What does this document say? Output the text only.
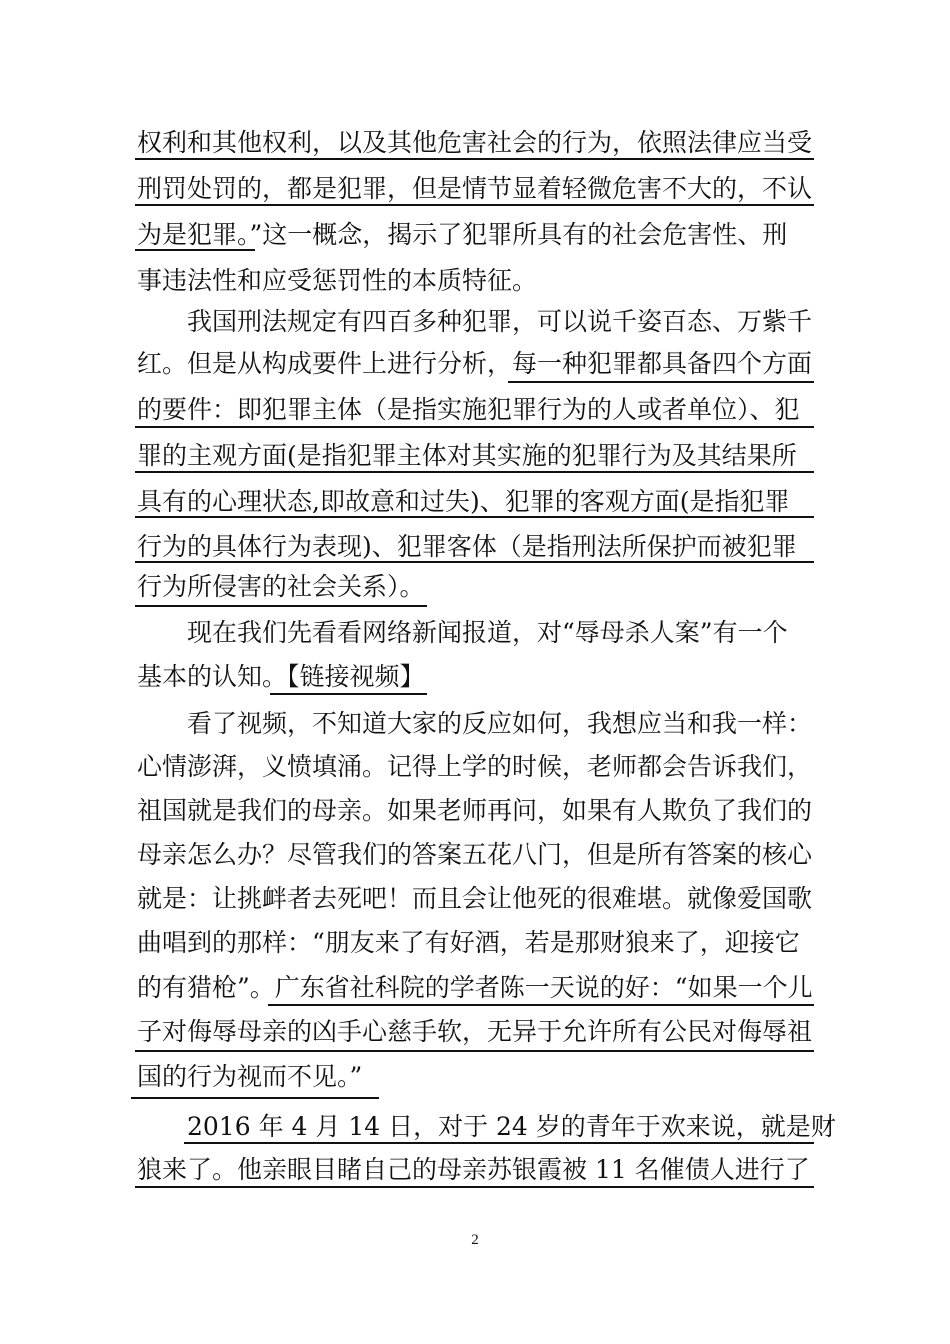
权利和其他权利，以及其他危害社会的行为，依照法律应当受
刑罚处罚的，都是犯罪，但是情节显着轻微危害不大的，不认
为是犯罪。”这一概念，揭示了犯罪所具有的社会危害性、刑
事违法性和应受惩罚性的本质特征。
我国刑法规定有四百多种犯罪，可以说千姿百态、万紫千
红。但是从构成要件上进行分析，每一种犯罪都具备四个方面
的要件：即犯罪主体（是指实施犯罪行为的人或者单位）、犯
罪的主观方面(是指犯罪主体对其实施的犯罪行为及其结果所
具有的心理状态,即故意和过失)、犯罪的客观方面(是指犯罪
行为的具体行为表现)、犯罪客体（是指刑法所保护而被犯罪
行为所侵害的社会关系）。
现在我们先看看网络新闻报道，对“辱母杀人案”有一个
基本的认知。【链接视频】
看了视频，不知道大家的反应如何，我想应当和我一样：
心情澎湃，义愤填涌。记得上学的时候，老师都会告诉我们，
祖国就是我们的母亲。如果老师再问，如果有人欺负了我们的
母亲怎么办？尽管我们的答案五花八门，但是所有答案的核心
就是：让挑衅者去死吧！而且会让他死的很难堪。就像爱国歌
曲唱到的那样：“朋友来了有好酒，若是那财狼来了，迎接它
的有猎枪”。广东省社科院的学者陈一天说的好：“如果一个儿
子对侮辱母亲的凶手心慈手软，无异于允许所有公民对侮辱祖
国的行为视而不见。”
2016 年 4 月 14 日，对于 24 岁的青年于欢来说，就是财
狼来了。他亲眼目睹自己的母亲苏银霞被 11 名催债人进行了
2
